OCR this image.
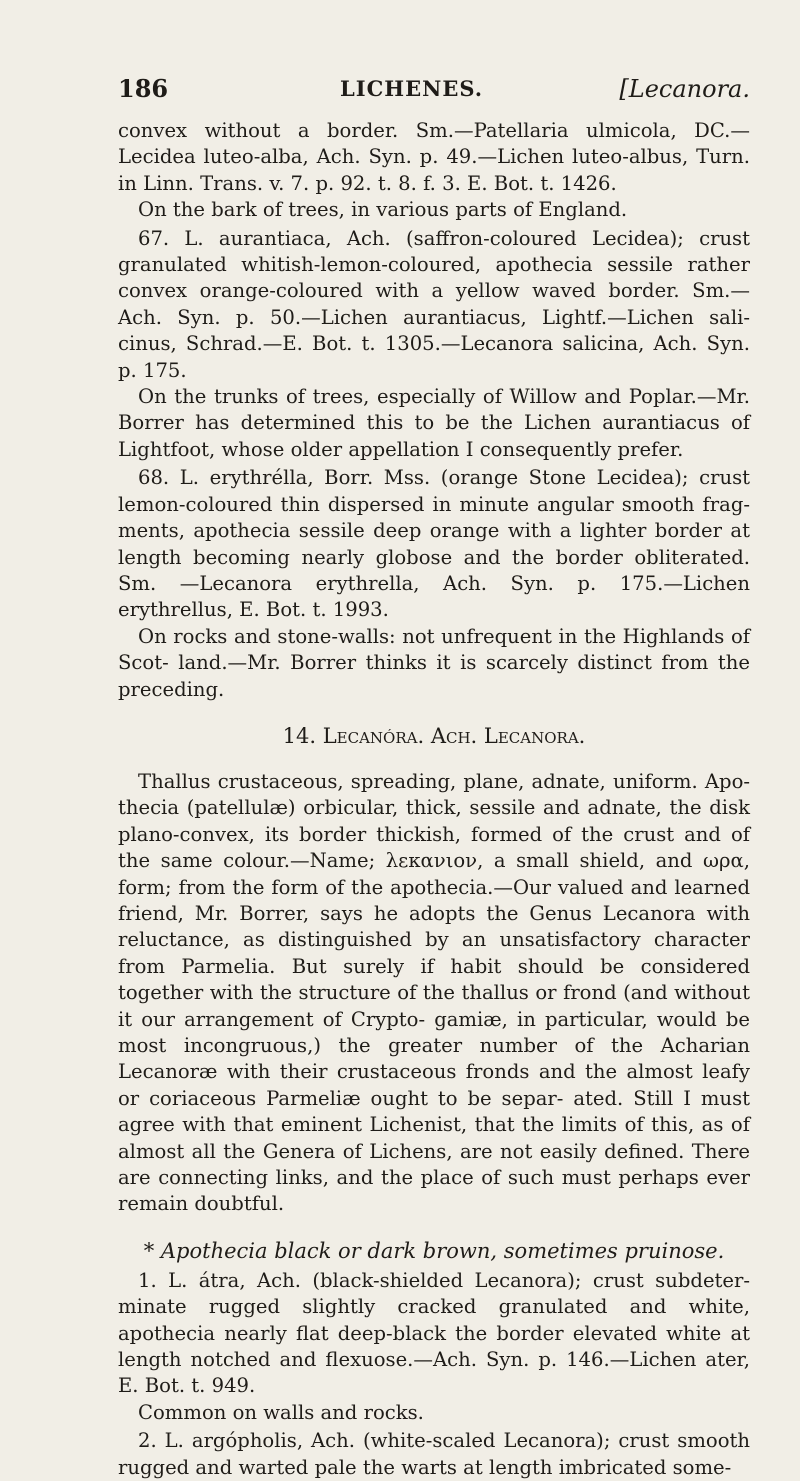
186	LICHENES.	[Lecanora.

convex without a border. Sm.—Patellaria ulmicola, DC.— Lecidea luteo-alba, Ach. Syn. p. 49.—Lichen luteo-albus, Turn. in Linn. Trans. v. 7. p. 92. t. 8. f. 3. E. Bot. t. 1426.

On the bark of trees, in various parts of England.

67. L. aurantiaca, Ach. (saffron-coloured Lecidea); crust granulated whitish-lemon-coloured, apothecia sessile rather convex orange-coloured with a yellow waved border. Sm.— Ach. Syn. p. 50.—Lichen aurantiacus, Lightf.—Lichen sali- cinus, Schrad.—E. Bot. t. 1305.—Lecanora salicina, Ach. Syn. p. 175.

On the trunks of trees, especially of Willow and Poplar.—Mr. Borrer has determined this to be the Lichen aurantiacus of Lightfoot, whose older appellation I consequently prefer.

68. L. erythrélla, Borr. Mss. (orange Stone Lecidea); crust lemon-coloured thin dispersed in minute angular smooth frag- ments, apothecia sessile deep orange with a lighter border at length becoming nearly globose and the border obliterated. Sm. —Lecanora erythrella, Ach. Syn. p. 175.—Lichen erythrellus, E. Bot. t. 1993.

On rocks and stone-walls: not unfrequent in the Highlands of Scot- land.—Mr. Borrer thinks it is scarcely distinct from the preceding.

14. Lecanóra. Ach. Lecanora.

Thallus crustaceous, spreading, plane, adnate, uniform. Apo- thecia (patellulæ) orbicular, thick, sessile and adnate, the disk plano-convex, its border thickish, formed of the crust and of the same colour.—Name; λεκανιον, a small shield, and ωρα, form; from the form of the apothecia.—Our valued and learned friend, Mr. Borrer, says he adopts the Genus Lecanora with reluctance, as distinguished by an unsatisfactory character from Parmelia. But surely if habit should be considered together with the structure of the thallus or frond (and without it our arrangement of Crypto- gamiæ, in particular, would be most incongruous,) the greater number of the Acharian Lecanoræ with their crustaceous fronds and the almost leafy or coriaceous Parmeliæ ought to be separ- ated. Still I must agree with that eminent Lichenist, that the limits of this, as of almost all the Genera of Lichens, are not easily defined. There are connecting links, and the place of such must perhaps ever remain doubtful.

* Apothecia black or dark brown, sometimes pruinose.

1. L. átra, Ach. (black-shielded Lecanora); crust subdeter- minate rugged slightly cracked granulated and white, apothecia nearly flat deep-black the border elevated white at length notched and flexuose.—Ach. Syn. p. 146.—Lichen ater, E. Bot. t. 949.

Common on walls and rocks.

2. L. argópholis, Ach. (white-scaled Lecanora); crust smooth rugged and warted pale the warts at length imbricated some-
